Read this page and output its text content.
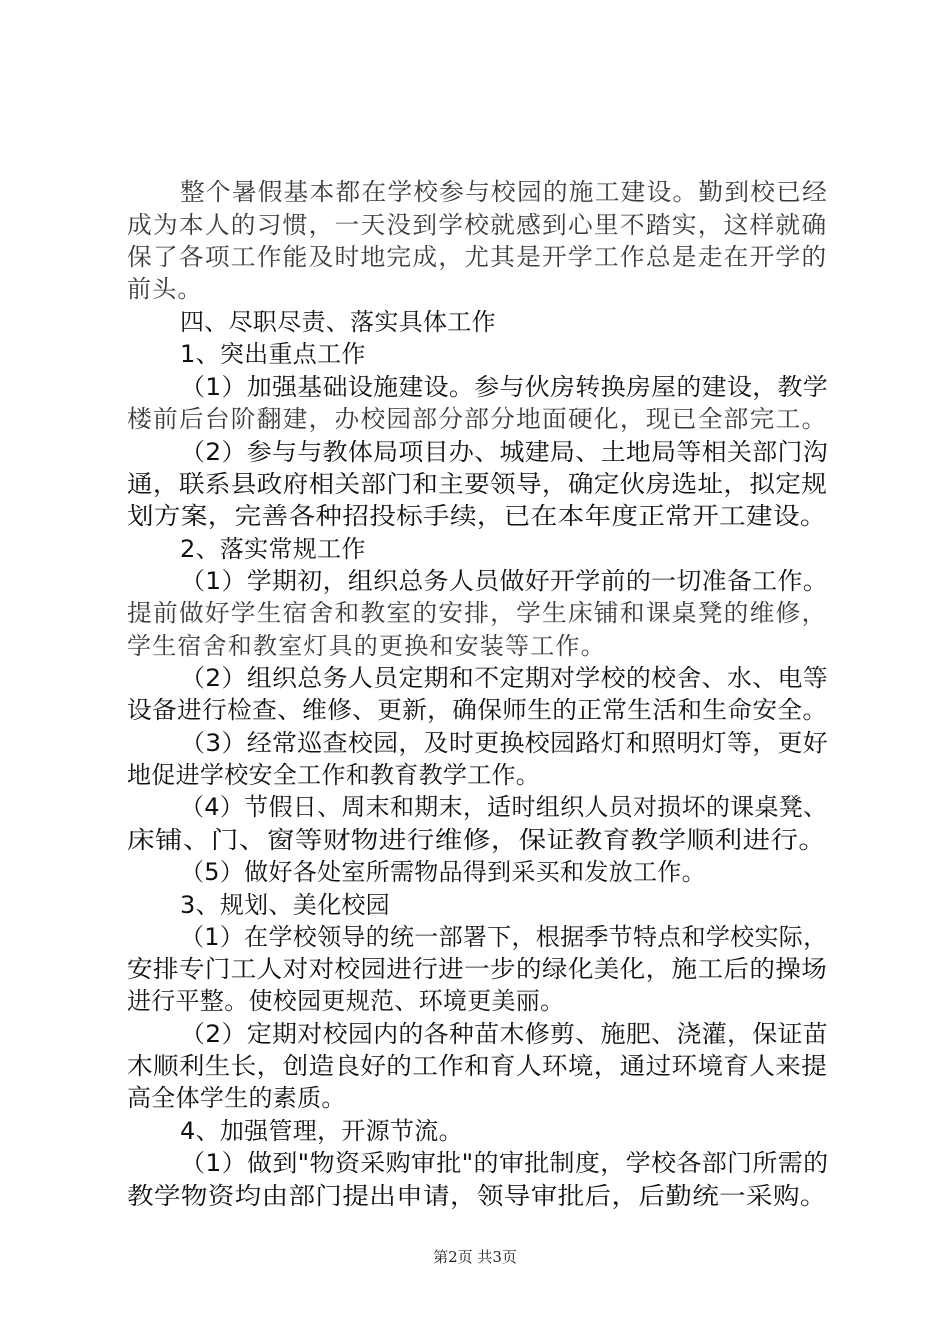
整个暑假基本都在学校参与校园的施工建设。勤到校已经
成为本人的习惯，一天没到学校就感到心里不踏实，这样就确
保了各项工作能及时地完成，尤其是开学工作总是走在开学的
前头。
四、尽职尽责、落实具体工作
1、突出重点工作
（1）加强基础设施建设。参与伙房转换房屋的建设，教学
楼前后台阶翻建，办校园部分部分地面硬化，现已全部完工。
（2）参与与教体局项目办、城建局、土地局等相关部门沟
通，联系县政府相关部门和主要领导，确定伙房选址，拟定规
划方案，完善各种招投标手续，已在本年度正常开工建设。
2、落实常规工作
（1）学期初，组织总务人员做好开学前的一切准备工作。
提前做好学生宿舍和教室的安排，学生床铺和课桌凳的维修，
学生宿舍和教室灯具的更换和安装等工作。
（2）组织总务人员定期和不定期对学校的校舍、水、电等
设备进行检查、维修、更新，确保师生的正常生活和生命安全。
（3）经常巡查校园，及时更换校园路灯和照明灯等，更好
地促进学校安全工作和教育教学工作。
（4）节假日、周末和期末，适时组织人员对损坏的课桌凳、
床铺、门、窗等财物进行维修，保证教育教学顺利进行。
（5）做好各处室所需物品得到采买和发放工作。
3、规划、美化校园
（1）在学校领导的统一部署下，根据季节特点和学校实际，
安排专门工人对对校园进行进一步的绿化美化，施工后的操场
进行平整。使校园更规范、环境更美丽。
（2）定期对校园内的各种苗木修剪、施肥、浇灌，保证苗
木顺利生长，创造良好的工作和育人环境，通过环境育人来提
高全体学生的素质。
4、加强管理，开源节流。
（1）做到"物资采购审批"的审批制度，学校各部门所需的
教学物资均由部门提出申请，领导审批后，后勤统一采购。
第2页 共3页
